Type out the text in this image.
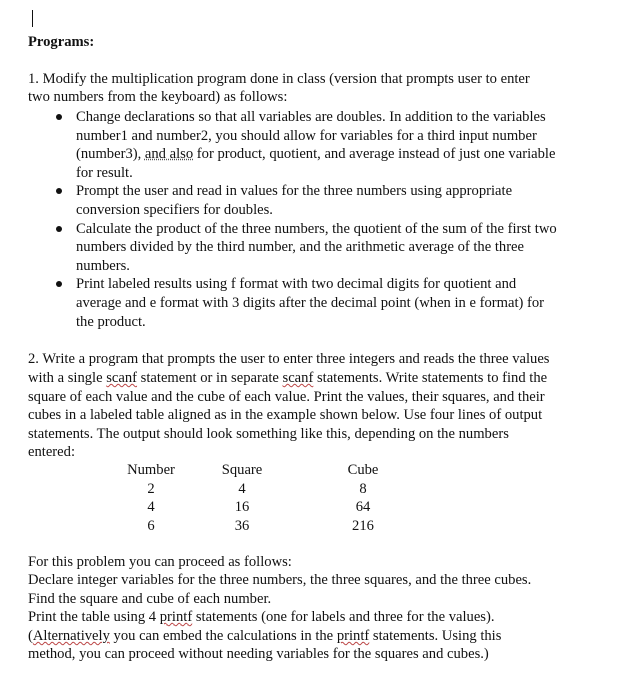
Programs:
1. Modify the multiplication program done in class (version that prompts user to enter
two numbers from the keyboard) as follows:
Change declarations so that all variables are doubles. In addition to the variables
number1 and number2, you should allow for variables for a third input number
(number3), and also for product, quotient, and average instead of just one variable
for result.
Prompt the user and read in values for the three numbers using appropriate
conversion specifiers for doubles.
Calculate the product of the three numbers, the quotient of the sum of the first two
numbers divided by the third number, and the arithmetic average of the three
numbers.
Print labeled results using f format with two decimal digits for quotient and
average and e format with 3 digits after the decimal point (when in e format) for
the product.
2. Write a program that prompts the user to enter three integers and reads the three values
with a single scanf statement or in separate scanf statements. Write statements to find the
square of each value and the cube of each value. Print the values, their squares, and their
cubes in a labeled table aligned as in the example shown below. Use four lines of output
statements. The output should look something like this, depending on the numbers
entered:
Number	Square	Cube
2	4	8
4	16	64
6	36	216
For this problem you can proceed as follows:
Declare integer variables for the three numbers, the three squares, and the three cubes.
Find the square and cube of each number.
Print the table using 4 printf statements (one for labels and three for the values).
(Alternatively you can embed the calculations in the printf statements. Using this
method, you can proceed without needing variables for the squares and cubes.)
